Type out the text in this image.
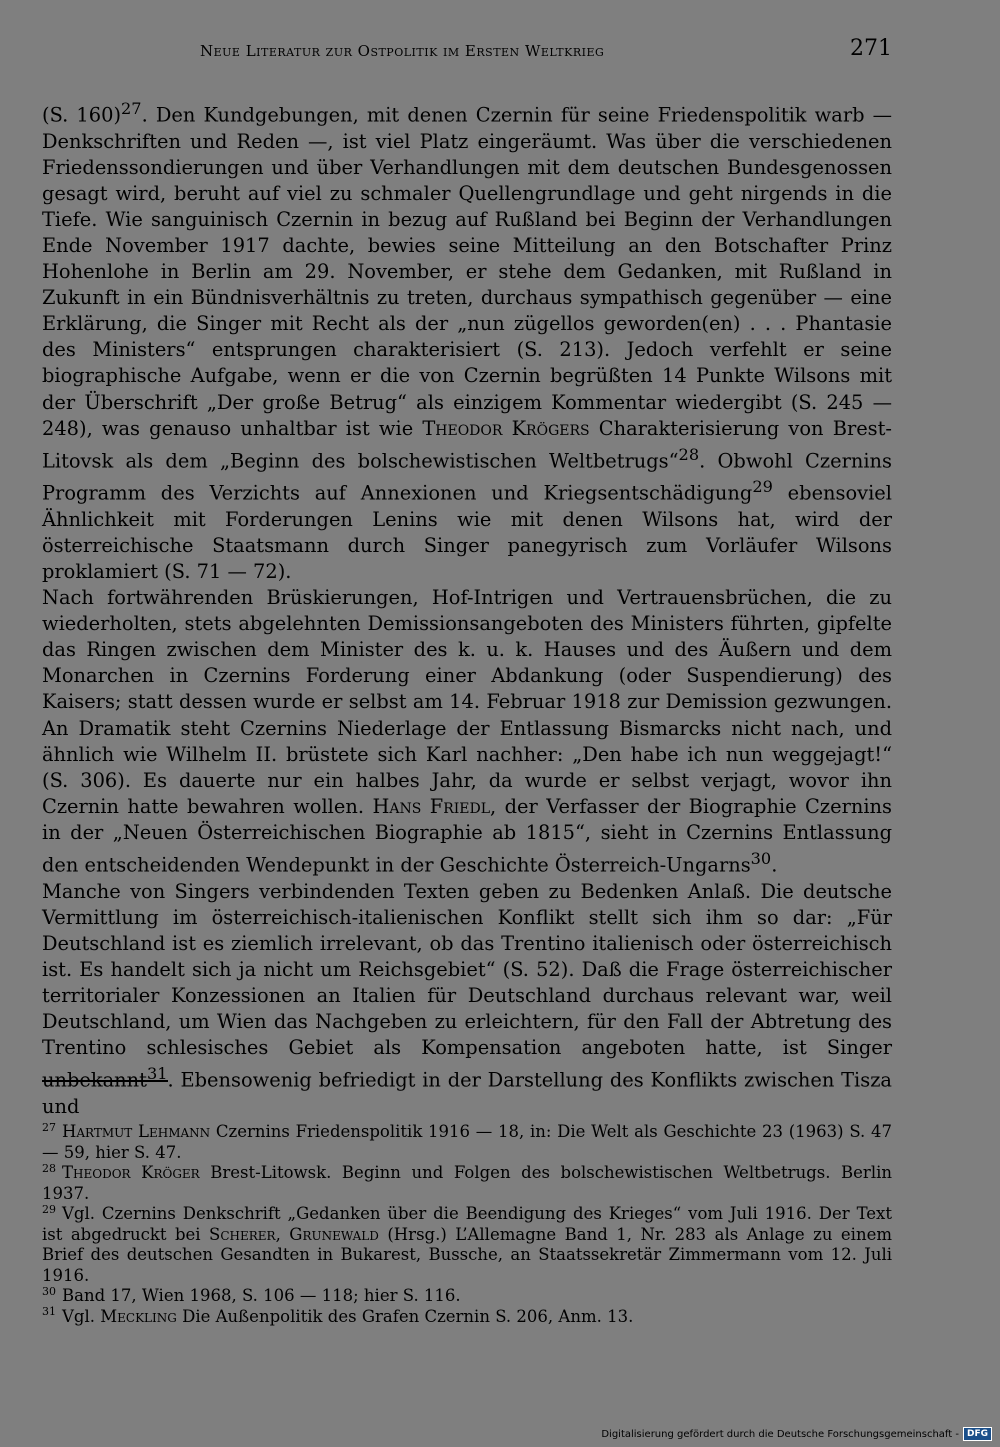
Neue Literatur zur Ostpolitik im Ersten Weltkrieg	271

(S. 160)$^{27}$. Den Kundgebungen, mit denen Czernin für seine Friedenspolitik warb — Denkschriften und Reden —, ist viel Platz eingeräumt. Was über die verschiedenen Friedenssondierungen und über Verhandlungen mit dem deutschen Bundesgenossen gesagt wird, beruht auf viel zu schmaler Quellengrundlage und geht nirgends in die Tiefe. Wie sanguinisch Czernin in bezug auf Rußland bei Beginn der Verhandlungen Ende November 1917 dachte, bewies seine Mitteilung an den Botschafter Prinz Hohenlohe in Berlin am 29. November, er stehe dem Gedanken, mit Rußland in Zukunft in ein Bündnisverhältnis zu treten, durchaus sympathisch gegenüber — eine Erklärung, die Singer mit Recht als der „nun zügellos geworden(en) . . . Phantasie des Ministers“ entsprungen charakterisiert (S. 213). Jedoch verfehlt er seine biographische Aufgabe, wenn er die von Czernin begrüßten 14 Punkte Wilsons mit der Überschrift „Der große Betrug“ als einzigem Kommentar wiedergibt (S. 245 — 248), was genauso unhaltbar ist wie Theodor Krögers Charakterisierung von Brest-Litovsk als dem „Beginn des bolschewistischen Weltbetrugs“$^{28}$. Obwohl Czernins Programm des Verzichts auf Annexionen und Kriegsentschädigung$^{29}$ ebensoviel Ähnlichkeit mit Forderungen Lenins wie mit denen Wilsons hat, wird der österreichische Staatsmann durch Singer panegyrisch zum Vorläufer Wilsons proklamiert (S. 71 — 72).

Nach fortwährenden Brüskierungen, Hof-Intrigen und Vertrauensbrüchen, die zu wiederholten, stets abgelehnten Demissionsangeboten des Ministers führten, gipfelte das Ringen zwischen dem Minister des k. u. k. Hauses und des Äußern und dem Monarchen in Czernins Forderung einer Abdankung (oder Suspendierung) des Kaisers; statt dessen wurde er selbst am 14. Februar 1918 zur Demission gezwungen. An Dramatik steht Czernins Niederlage der Entlassung Bismarcks nicht nach, und ähnlich wie Wilhelm II. brüstete sich Karl nachher: „Den habe ich nun weggejagt!“ (S. 306). Es dauerte nur ein halbes Jahr, da wurde er selbst verjagt, wovor ihn Czernin hatte bewahren wollen. Hans Friedl, der Verfasser der Biographie Czernins in der „Neuen Österreichischen Biographie ab 1815“, sieht in Czernins Entlassung den entscheidenden Wendepunkt in der Geschichte Österreich-Ungarns$^{30}$.

Manche von Singers verbindenden Texten geben zu Bedenken Anlaß. Die deutsche Vermittlung im österreichisch-italienischen Konflikt stellt sich ihm so dar: „Für Deutschland ist es ziemlich irrelevant, ob das Trentino italienisch oder österreichisch ist. Es handelt sich ja nicht um Reichsgebiet“ (S. 52). Daß die Frage österreichischer territorialer Konzessionen an Italien für Deutschland durchaus relevant war, weil Deutschland, um Wien das Nachgeben zu erleichtern, für den Fall der Abtretung des Trentino schlesisches Gebiet als Kompensation angeboten hatte, ist Singer unbekannt$^{31}$. Ebensowenig befriedigt in der Darstellung des Konflikts zwischen Tisza und

$^{27}$ Hartmut Lehmann Czernins Friedenspolitik 1916 — 18, in: Die Welt als Geschichte 23 (1963) S. 47 — 59, hier S. 47.

$^{28}$ Theodor Kröger Brest-Litowsk. Beginn und Folgen des bolschewistischen Weltbetrugs. Berlin 1937.

$^{29}$ Vgl. Czernins Denkschrift „Gedanken über die Beendigung des Krieges“ vom Juli 1916. Der Text ist abgedruckt bei Scherer, Grunewald (Hrsg.) L’Allemagne Band 1, Nr. 283 als Anlage zu einem Brief des deutschen Gesandten in Bukarest, Bussche, an Staatssekretär Zimmermann vom 12. Juli 1916.

$^{30}$ Band 17, Wien 1968, S. 106 — 118; hier S. 116.

$^{31}$ Vgl. Meckling Die Außenpolitik des Grafen Czernin S. 206, Anm. 13.

Digitalisierung gefördert durch die Deutsche Forschungsgemeinschaft - DFG
